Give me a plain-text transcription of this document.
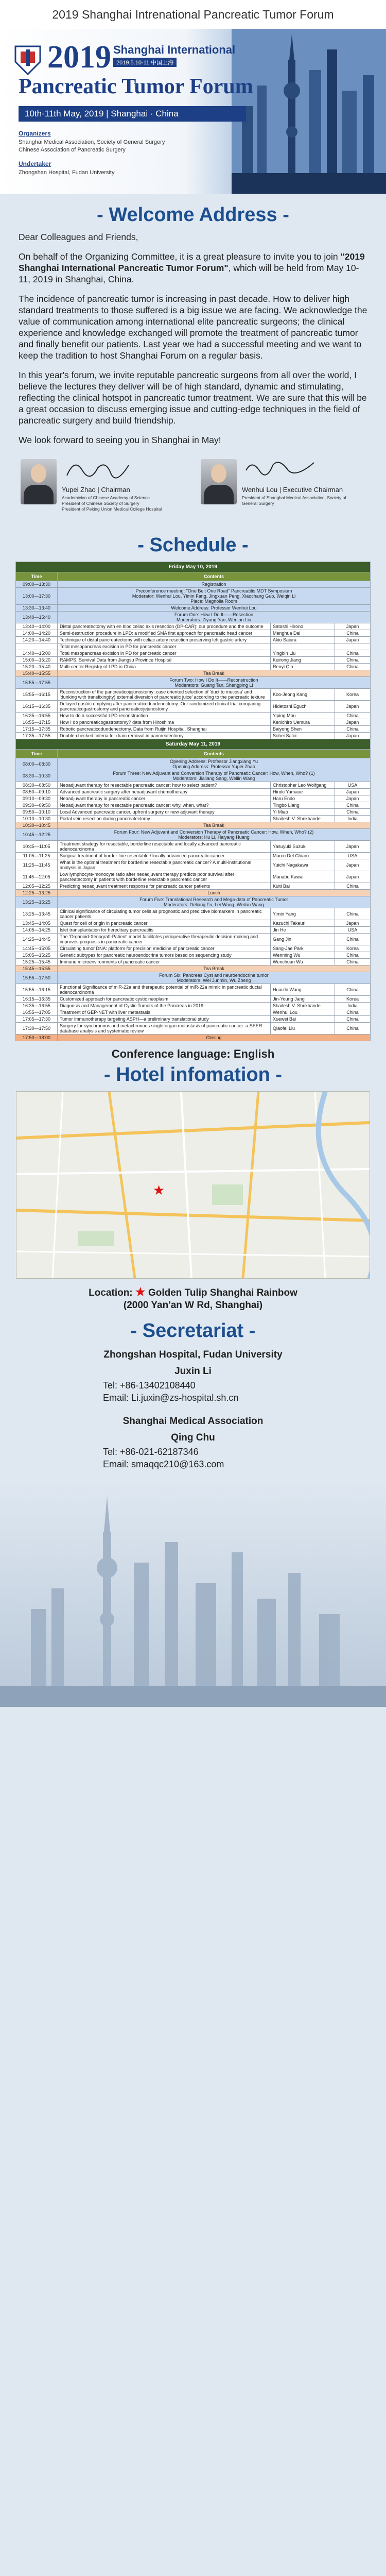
2019 Shanghai Intrenational Pancreatic Tumor Forum
2019 Shanghai International
2019.5.10-11 中国上海
Pancreatic Tumor Forum
10th-11th May, 2019 | Shanghai · China
Organizers
Shanghai Medical Association, Society of General Surgery
Chinese Association of Pancreatic Surgery
Undertaker
Zhongshan Hospital, Fudan University
- Welcome Address -

Dear Colleagues and Friends,

On behalf of the Organizing Committee, it is a great pleasure to invite you to join "2019 Shanghai International Pancreatic Tumor Forum", which will be held from May 10-11, 2019 in Shanghai, China.

The incidence of pancreatic tumor is increasing in past decade. How to deliver high standard treatments to those suffered is a big issue we are facing. We acknowledge the value of communication among international elite pancreatic surgeons; the clinical experience and knowledge exchanged will promote the treatment of pancreatic tumor and finally benefit our patients. Last year we had a successful meeting and we want to keep the tradition to host Shanghai Forum on a regular basis.

In this year's forum, we invite reputable pancreatic surgeons from all over the world, I believe the lectures they deliver will be of high standard, dynamic and stimulating, reflecting the clinical hotspot in pancreatic tumor treatment. We are sure that this will be a great occasion to discuss emerging issue and cutting-edge techniques in the field of pancreatic surgery and build friendship.

We look forward to seeing you in Shanghai in May!

Yupei Zhao | Chairman
Academician of Chinese Academy of Science
President of Chinese Society of Surgery
President of Peking Union Medical College Hospital
Wenhui Lou | Executive Chairman
President of Shanghai Medical Association, Society of
General Surgery
- Schedule -
Friday May 10, 2019			
Time	Contents		
09:00—13:30	Registration		
13:00—17:30	Preconference meeting: "One Belt One Road" Pancreatitis MDT Symposium
Moderator: Wenhui Lou, Yimin Fang, Jingxuan Peng, Xiaochang Guo, Weiqin Li
Place: Magnolia Room		
13:30—13:40	Welcome Address: Professor Wenhui Lou		
13:40—15:40	Forum One: How I Do It——Resection
Moderators: Ziyang Yan, Wenjun Liu		
13:40—14:00	Distal pancreatectomy with en bloc celiac axis resection (DP-CAR): our procedure and the outcome	Satoshi Hirono	Japan
14:00—14:20	Semi-destruction procedure in LPD: a modified SMA first approach for pancreatic head cancer	Menghua Dai	China
14:20—14:40	Technique of distal pancreatectomy with celiac artery resection preserving left gastric artery	Akio Saiura	Japan
	Total mesopancreas excision in PD for pancreatic cancer		
14:40—15:00	Total mesopancreas excision in PD for pancreatic cancer	Yingbin Liu	China
15:00—15:20	RAMPS, Survival Data from Jiangsu Province Hospital	Kuirong Jiang	China
15:20—15:40	Multi-center Registry of LPD in China	Renyi Qin	China
15:40—15:55	Tea Break		
15:55—17:55	Forum Two: How I Do It——Reconstruction
Moderators: Guang Tan, Shengping Li		
15:55—16:15	Reconstruction of the pancreaticojejunostomy; case oriented selection of 'duct to mucosa' and 'dunking with transfixing(ty) external diversion of pancreatic juice' according to the pancreatic texture	Koo-Jeong Kang	Korea
16:15—16:35	Delayed gastric emptying after pancreaticoduodenectomy: Our randomized clinical trial comparing pancreaticogastrostomy and pancreaticojejunostomy	Hidetoshi Eguchi	Japan
16:35—16:55	How to do a successful LPD reconstruction	Yiping Mou	China
16:55—17:15	How I do pancreaticogastrostomy? data from Hiroshima	Kenichiro Uemura	Japan
17:15—17:35	Robotic pancreaticoduodenectomy, Data from Ruijin Hospital, Shanghai	Baiyong Shen	China
17:35—17:55	Double-checked criteria for drain removal in pancreatectomy	Sohei Satoi	Japan
Saturday May 11, 2019			
Time	Contents		
08:00—08:30	Opening Address: Professor Jiangxiang Yu
Opening Address: Professor Yupei Zhao		
08:30—10:30	Forum Three: New Adjuvant and Conversion Therapy of Pancreatic Cancer: How, When, Who? (1)
Moderators: Jialiang Sang, Weilin Wang		
08:30—08:50	Neoadjuvant therapy for resectable pancreatic cancer; how to select patient?	Christopher Leo Wolfgang	USA
08:50—09:10	Advanced pancreatic surgery after neoadjuvant chemotherapy	Hiroki Yamaue	Japan
09:10—09:30	Neoadjuvant therapy in pancreatic cancer	Haru Endo	Japan
09:30—09:50	Neoadjuvant therapy for resectable pancreatic cancer: why, when, what?	Tingbo Liang	China
09:50—10:10	Local Advanced pancreatic cancer, upfront surgery or new adjuvant therapy	Yi Miao	China
10:10—10:30	Portal vein resection during pancreatectomy	Shailesh V. Shrikhande	India
10:30—10:45	Tea Break		
10:45—12:25	Forum Four: New Adjuvant and Conversion Therapy of Pancreatic Cancer: How, When, Who? (2)
Moderators: Hu Li, Haiyang Huang		
10:45—11:05	Treatment strategy for resectable, borderline resectable and locally advanced pancreatic adenocarcinoma	Yasuyuki Suzuki	Japan
11:05—11:25	Surgical treatment of border-line resectable / locally advanced pancreatic cancer	Marco Del Chiaro	USA
11:25—11:45	What is the optimal treatment for borderline resectable pancreatic cancer? A multi-institutional analysis in Japan	Yuichi Nagakawa	Japan
11:45—12:05	Low lymphocyte-monocyte ratio after neoadjuvant therapy predicts poor survival after pancreatectomy in patients with borderline resectable pancreatic cancer	Manabu Kawai	Japan
12:05—12:25	Predicting neoadjuvant treatment response for pancreatic cancer patients	Kuiti Bai	China
12:25—13:25	Lunch		
13:25—15:25	Forum Five: Translational Research and Mega-data of Pancreatic Tumor
Moderators: Deliang Fu, Lei Wang, Weilan Wang		
13:25—13:45	Clinical significance of circulating tumor cells as prognostic and predictive biomarkers in pancreatic cancer patients.	Yimin Yang	China
13:45—14:05	Quest for cell of origin in pancreatic cancer	Kazuchi Takeuri	Japan
14:05—14:25	Islet transplantation for hereditary pancreatitis	Jin He	USA
14:25—14:45	The 'Organoid-Xenograft-Patient' model facilitates perioperative therapeutic decision-making and improves prognosis in pancreatic cancer	Gang Jin	China
14:45—15:05	Circulating tumor DNA: platform for precision medicine of pancreatic cancer	Sang-Jae Park	Korea
15:05—15:25	Genetic subtypes for pancreatic neuroendocrine tumors based on sequencing study	Wenming Wu	China
15:25—15:45	Immune microenvironments of pancreatic cancer	Wenchuan Wu	China
15:45—15:55	Tea Break		
15:55—17:50	Forum Six: Pancreas Cyst and neuroendocrine tumor
Moderators: Wei Junmin, Wu Zheng		
15:55—16:15	Functional Significance of miR-22a and therapeutic potential of miR-22a mimic in pancreatic ductal adenocarcinoma	Huaizhi Wang	China
16:15—16:35	Customized approach for pancreatic cystic neoplasm	Jin-Young Jang	Korea
16:35—16:55	Diagnosis and Management of Cystic Tumors of the Pancreas in 2019	Shailesh V. Shrikhande	India
16:55—17:05	Treatment of GEP-NET with liver metastasis	Wenhui Lou	China
17:05—17:30	Tumor immunotherapy targeting ASPH—a preliminary translational study	Xuewei Bai	China
17:30—17:50	Surgery for synchronous and metachronous single-organ metastasis of pancreatic cancer: a SEER database analysis and systematic review	Qiaofei Liu	China
17:50—18:00	Closing		
Conference language: English
- Hotel infomation -
★
Location: ★ Golden Tulip Shanghai Rainbow
(2000 Yan'an W Rd, Shanghai)
- Secretariat -
Zhongshan Hospital, Fudan University
Juxin Li
Tel: +86-13402108440
Email: Li.juxin@zs-hospital.sh.cn
Shanghai Medical Association
Qing Chu
Tel: +86-021-62187346
Email: smaqqc210@163.com
